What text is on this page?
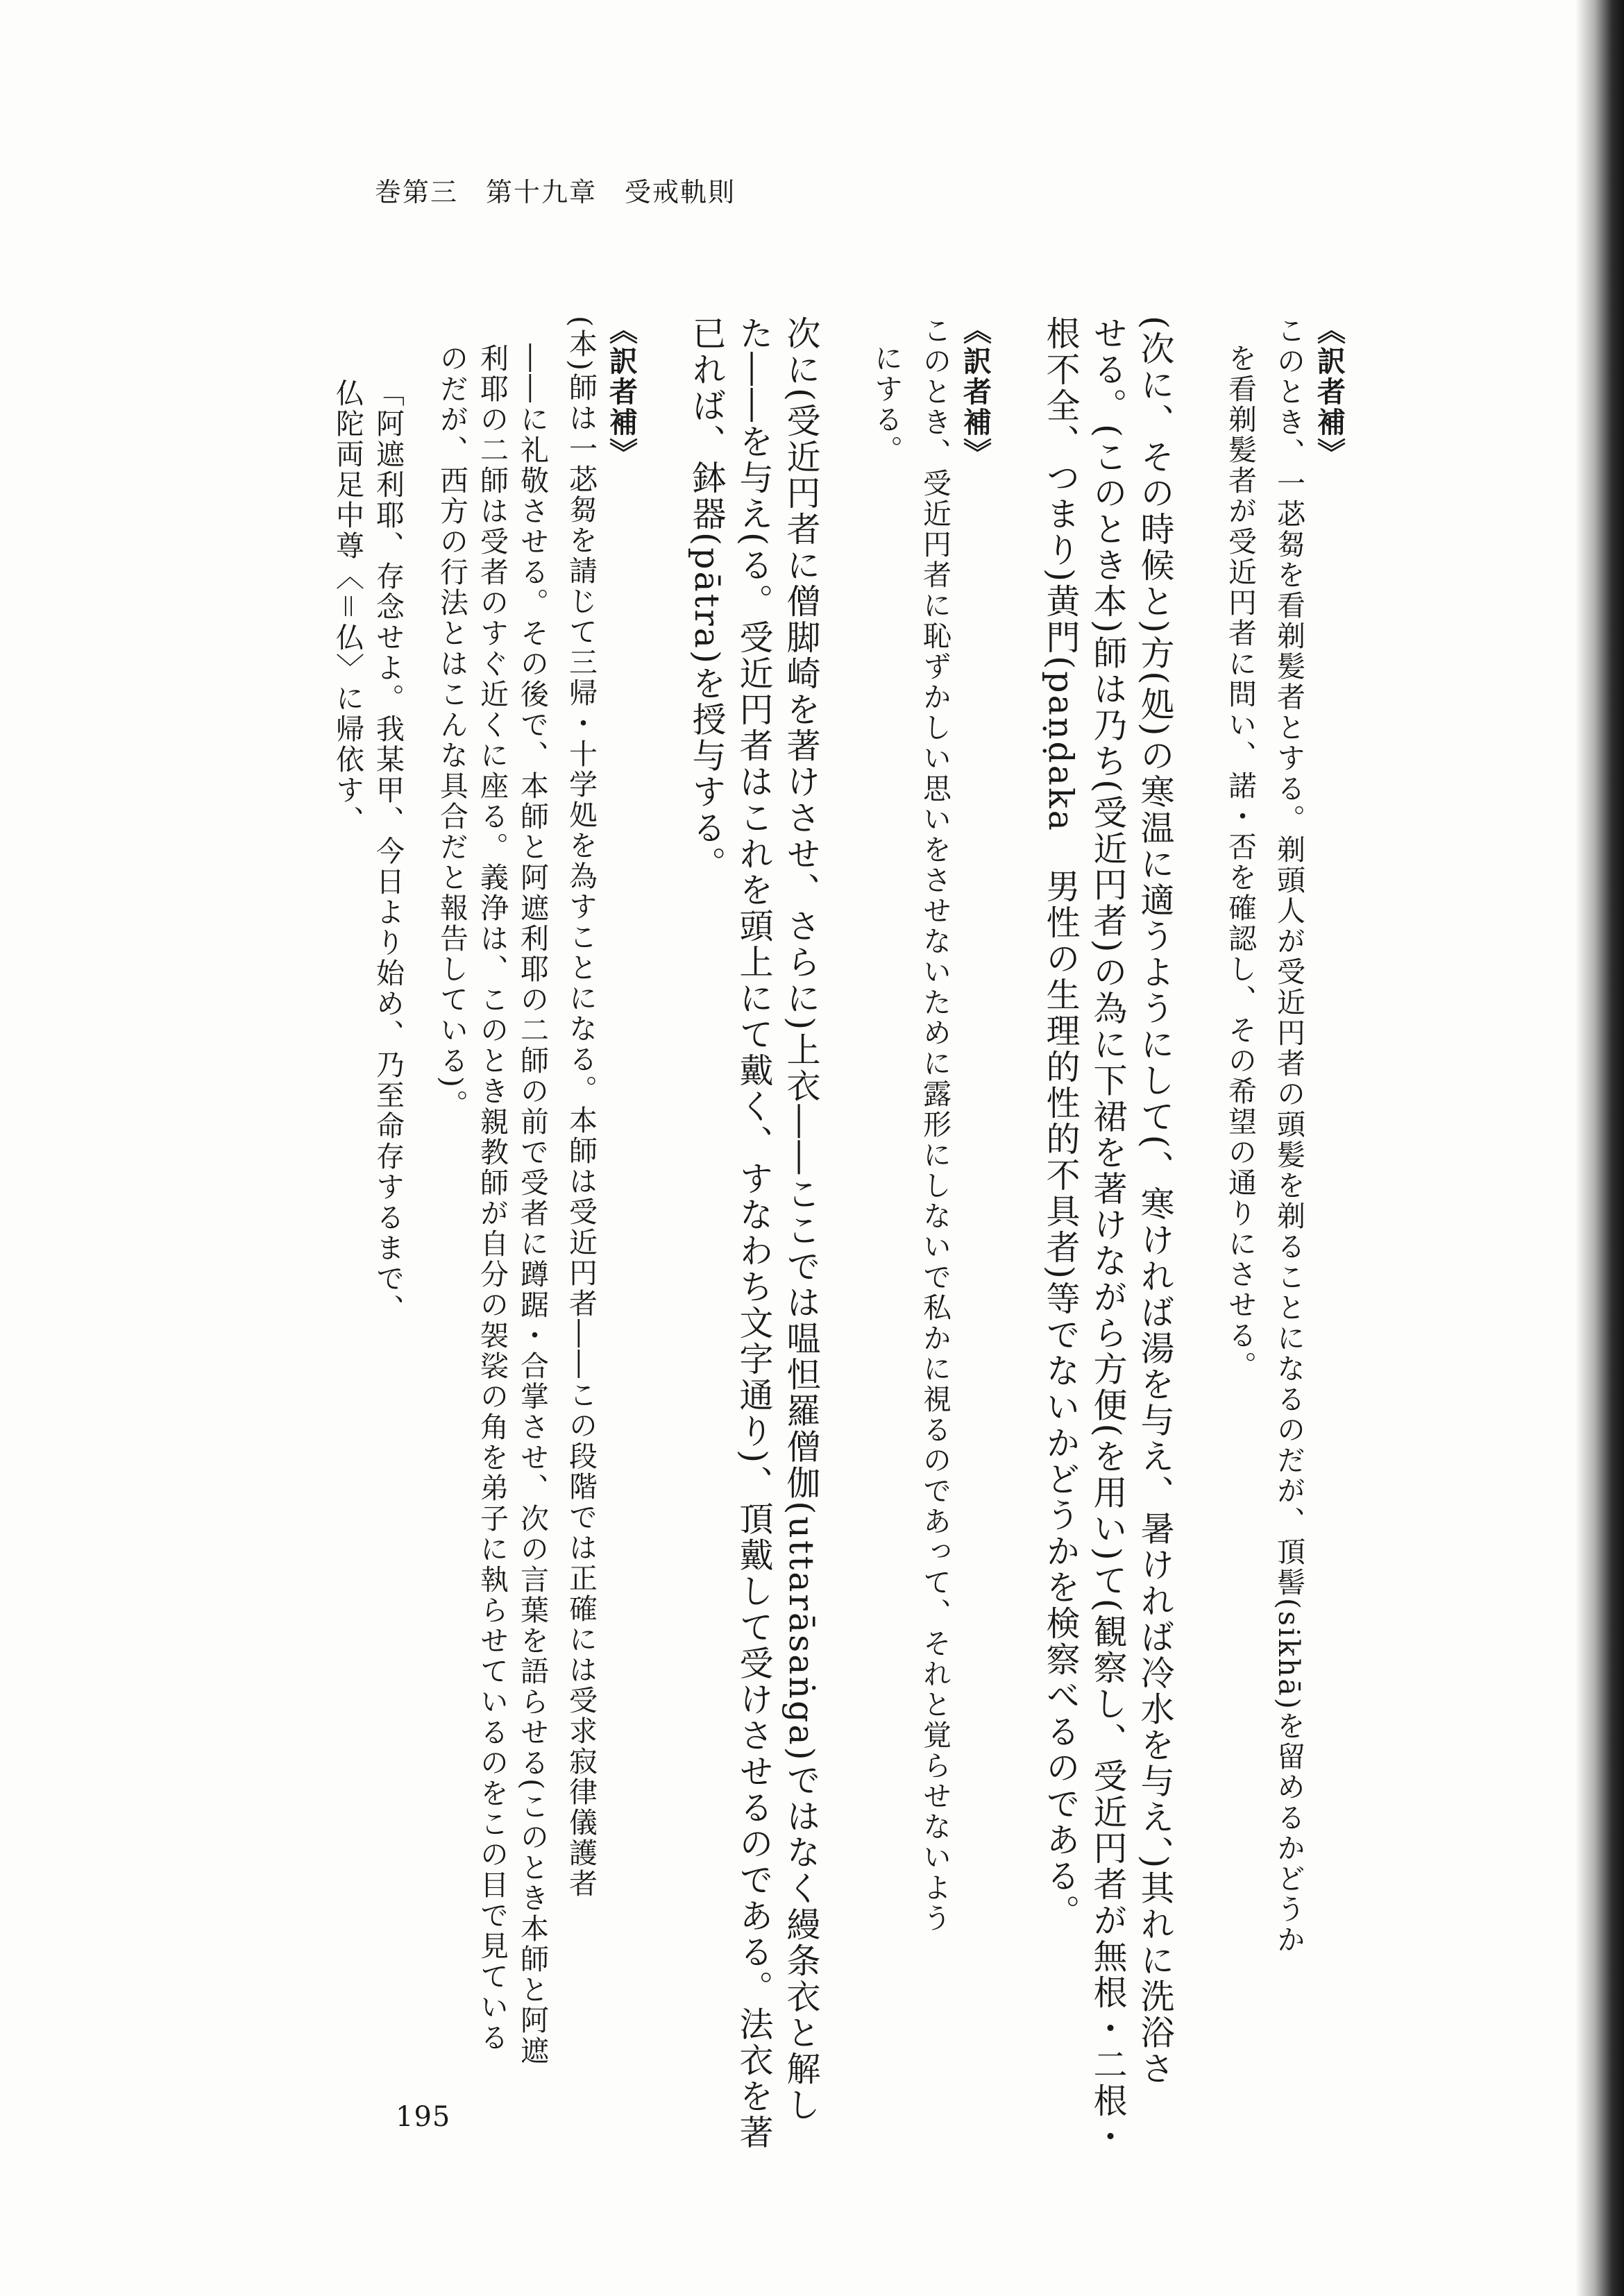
巻第三　第十九章　受戒軌則
《訳者補》
このとき、一苾芻を看剃髪者とする。剃頭人が受近円者の頭髪を剃ることになるのだが、頂髻(sikhā)を留めるかどうか
を看剃髪者が受近円者に問い、諾・否を確認し、その希望の通りにさせる。
(次に、その時候と)方(処)の寒温に適うようにして(、寒ければ湯を与え、暑ければ冷水を与え、)其れに洗浴さ
せる。(このとき本)師は乃ち(受近円者)の為に下裙を著けながら方便(を用い)て(観察し、受近円者が無根・二根・
根不全、つまり)黄門(paṇḍaka　男性の生理的性的不具者)等でないかどうかを検察べるのである。
《訳者補》
このとき、受近円者に恥ずかしい思いをさせないために露形にしないで私かに視るのであって、それと覚らせないよう
にする。
次に(受近円者に僧脚崎を著けさせ、さらに)上衣――ここでは嗢怛羅僧伽(uttarāsaṅga)ではなく縵条衣と解し
た――を与え(る。受近円者はこれを頭上にて戴く、すなわち文字通り)、頂戴して受けさせるのである。法衣を著
已れば、鉢器(pātra)を授与する。
《訳者補》
(本)師は一苾芻を請じて三帰・十学処を為すことになる。本師は受近円者――この段階では正確には受求寂律儀護者
――に礼敬させる。その後で、本師と阿遮利耶の二師の前で受者に蹲踞・合掌させ、次の言葉を語らせる(このとき本師と阿遮
利耶の二師は受者のすぐ近くに座る。義浄は、このとき親教師が自分の袈裟の角を弟子に執らせているのをこの目で見ている
のだが、西方の行法とはこんな具合だと報告している)。
「阿遮利耶、存念せよ。我某甲、今日より始め、乃至命存するまで、
仏陀両足中尊〈＝仏〉に帰依す、
195
